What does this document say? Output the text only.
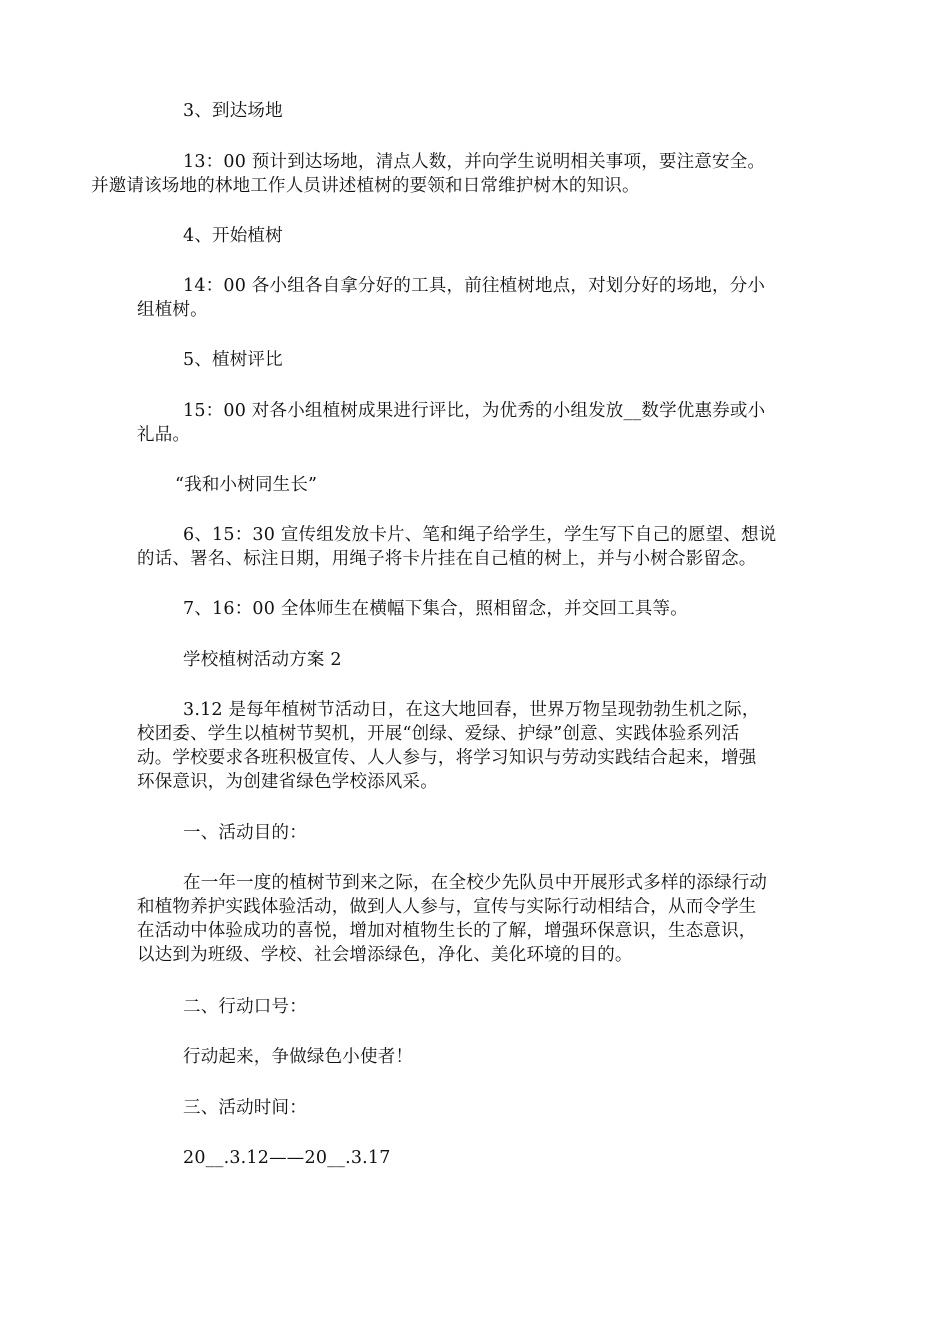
3、到达场地
13：00 预计到达场地，清点人数，并向学生说明相关事项，要注意安全。
并邀请该场地的林地工作人员讲述植树的要领和日常维护树木的知识。
4、开始植树
14：00 各小组各自拿分好的工具，前往植树地点，对划分好的场地，分小
组植树。
5、植树评比
15：00 对各小组植树成果进行评比，为优秀的小组发放__数学优惠券或小
礼品。
“我和小树同生长”
6、15：30 宣传组发放卡片、笔和绳子给学生，学生写下自己的愿望、想说
的话、署名、标注日期，用绳子将卡片挂在自己植的树上，并与小树合影留念。
7、16：00 全体师生在横幅下集合，照相留念，并交回工具等。
学校植树活动方案 2
3.12 是每年植树节活动日，在这大地回春，世界万物呈现勃勃生机之际，
校团委、学生以植树节契机，开展“创绿、爱绿、护绿”创意、实践体验系列活
动。学校要求各班积极宣传、人人参与，将学习知识与劳动实践结合起来，增强
环保意识，为创建省绿色学校添风采。
一、活动目的：
在一年一度的植树节到来之际，在全校少先队员中开展形式多样的添绿行动
和植物养护实践体验活动，做到人人参与，宣传与实际行动相结合，从而令学生
在活动中体验成功的喜悦，增加对植物生长的了解，增强环保意识，生态意识，
以达到为班级、学校、社会增添绿色，净化、美化环境的目的。
二、行动口号：
行动起来，争做绿色小使者！
三、活动时间：
20__.3.12——20__.3.17
